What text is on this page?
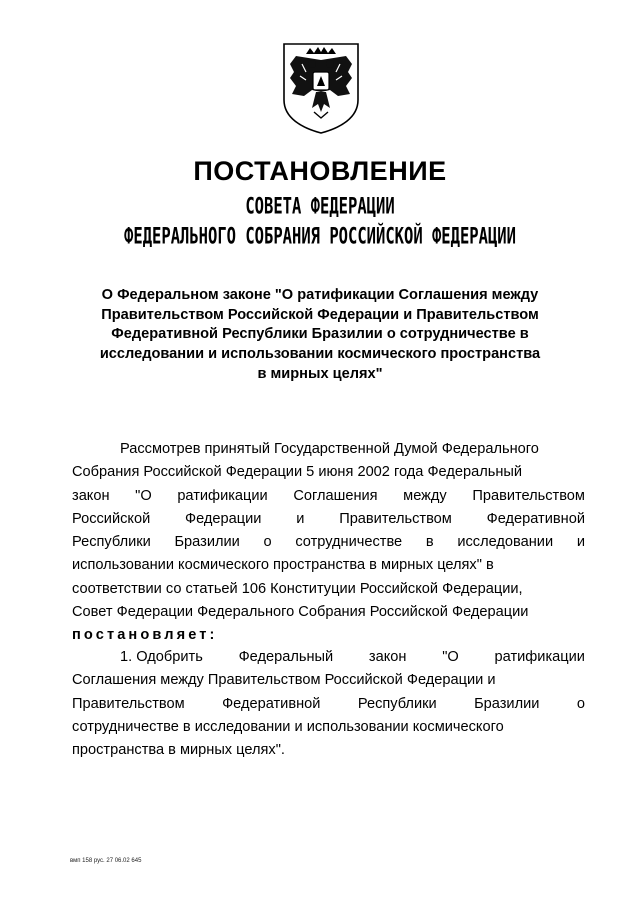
ПОСТАНОВЛЕНИЕ
СОВЕТА ФЕДЕРАЦИИ
ФЕДЕРАЛЬНОГО СОБРАНИЯ РОССИЙСКОЙ ФЕДЕРАЦИИ
О Федеральном законе "О ратификации Соглашения между
Правительством Российской Федерации и Правительством
Федеративной Республики Бразилии о сотрудничестве в
исследовании и использовании космического пространства
в мирных целях"
Рассмотрев принятый Государственной Думой Федерального
Собрания Российской Федерации 5 июня 2002 года Федеральный
закон "О ратификации Соглашения между Правительством
Российской Федерации и Правительством Федеративной
Республики Бразилии о сотрудничестве в исследовании и
использовании космического пространства в мирных целях" в
соответствии со статьей 106 Конституции Российской Федерации,
Совет Федерации Федерального Собрания Российской Федерации
постановляет:
1. Одобрить Федеральный закон "О ратификации
Соглашения между Правительством Российской Федерации и
Правительством	Федеративной	Республики	Бразилии	о
сотрудничестве в исследовании и использовании космического
пространства в мирных целях".
вмп 158 рус. 27 06.02 645
